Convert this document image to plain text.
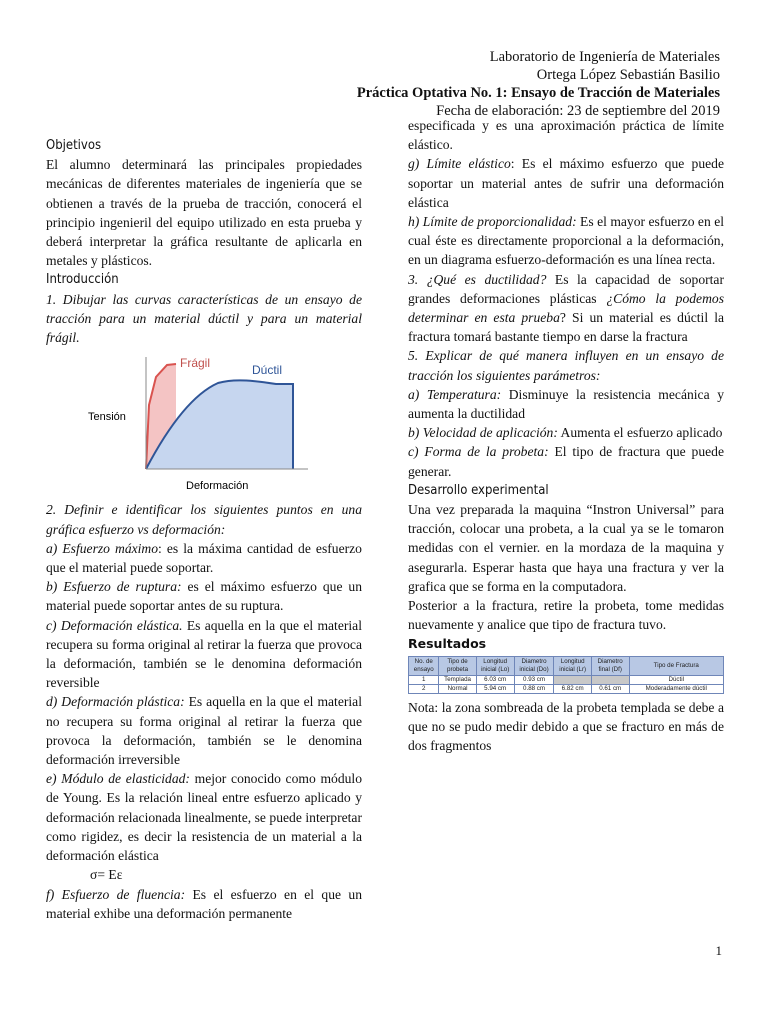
Laboratorio de Ingeniería de Materiales
Ortega López Sebastián Basilio
Práctica Optativa No. 1: Ensayo de Tracción de Materiales
Fecha de elaboración: 23 de septiembre del 2019

Objetivos

El alumno determinará las principales propiedades mecánicas de diferentes materiales de ingeniería que se obtienen a través de la prueba de tracción, conocerá el principio ingenieril del equipo utilizado en esta prueba y deberá interpretar la gráfica resultante de aplicarla en metales y plásticos.

Introducción

1. Dibujar las curvas características de un ensayo de tracción para un material dúctil y para un material frágil.

Frágil	Dúctil
Tensión
Deformación

2. Definir e identificar los siguientes puntos en una gráfica esfuerzo vs deformación:

a) Esfuerzo máximo: es la máxima cantidad de esfuerzo que el material puede soportar.

b) Esfuerzo de ruptura: es el máximo esfuerzo que un material puede soportar antes de su ruptura.

c) Deformación elástica. Es aquella en la que el material recupera su forma original al retirar la fuerza que provoca la deformación, también se le denomina deformación reversible

d) Deformación plástica: Es aquella en la que el material no recupera su forma original al retirar la fuerza que provoca la deformación, también se le denomina deformación irreversible

e) Módulo de elasticidad: mejor conocido como módulo de Young. Es la relación lineal entre esfuerzo aplicado y deformación relacionada linealmente, se puede interpretar como rigidez, es decir la resistencia de un material a la deformación elástica

σ= Eε

f) Esfuerzo de fluencia: Es el esfuerzo en el que un material exhibe una deformación permanente

especificada y es una aproximación práctica de límite elástico.

g) Límite elástico: Es el máximo esfuerzo que puede soportar un material antes de sufrir una deformación elástica

h) Límite de proporcionalidad: Es el mayor esfuerzo en el cual éste es directamente proporcional a la deformación, en un diagrama esfuerzo-deformación es una línea recta.

3. ¿Qué es ductilidad? Es la capacidad de soportar grandes deformaciones plásticas ¿Cómo la podemos determinar en esta prueba? Si un material es dúctil la fractura tomará bastante tiempo en darse la fractura

5. Explicar de qué manera influyen en un ensayo de tracción los siguientes parámetros:

a) Temperatura: Disminuye la resistencia mecánica y aumenta la ductilidad

b) Velocidad de aplicación: Aumenta el esfuerzo aplicado

c) Forma de la probeta: El tipo de fractura que puede generar.

Desarrollo experimental

Una vez preparada la maquina “Instron Universal” para tracción, colocar una probeta, a la cual ya se le tomaron medidas con el vernier. en la mordaza de la maquina y asegurarla. Esperar hasta que haya una fractura y ver la grafica que se forma en la computadora.

Posterior a la fractura, retire la probeta, tome medidas nuevamente y analice que tipo de fractura tuvo.

Resultados

No. de ensayo	Tipo de probeta	Longitud inicial (Lo)	Diametro inicial (Do)	Longitud inicial (Lr)	Diametro final (Df)	Tipo de Fractura
1	Templada	6.03 cm	0.93 cm			Dúctil
2	Normal	5.94 cm	0.88 cm	6.82 cm	0.61 cm	Moderadamente dúctil

Nota: la zona sombreada de la probeta templada se debe a que no se pudo medir debido a que se fracturo en más de dos fragmentos

1
